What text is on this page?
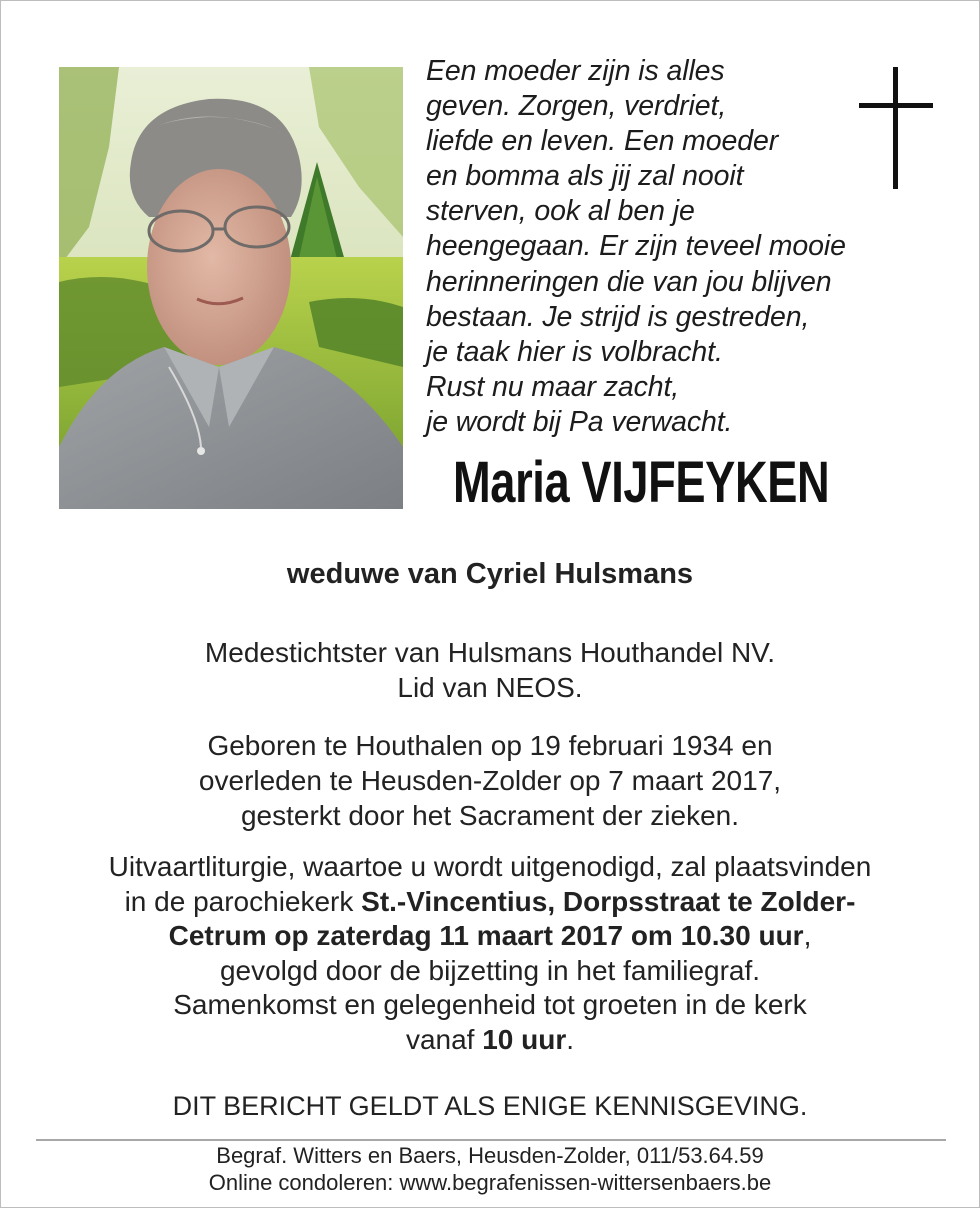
Een moeder zijn is alles
geven. Zorgen, verdriet,
liefde en leven. Een moeder
en bomma als jij zal nooit
sterven, ook al ben je
heengegaan. Er zijn teveel mooie
herinneringen die van jou blijven
bestaan. Je strijd is gestreden,
je taak hier is volbracht.
Rust nu maar zacht,
je wordt bij Pa verwacht.
Maria VIJFEYKEN
weduwe van Cyriel Hulsmans
Medestichtster van Hulsmans Houthandel NV.
Lid van NEOS.
Geboren te Houthalen op 19 februari 1934 en
overleden te Heusden-Zolder op 7 maart 2017,
gesterkt door het Sacrament der zieken.
Uitvaartliturgie, waartoe u wordt uitgenodigd, zal plaatsvinden
in de parochiekerk St.-Vincentius, Dorpsstraat te Zolder-
Cetrum op zaterdag 11 maart 2017 om 10.30 uur,
gevolgd door de bijzetting in het familiegraf.
Samenkomst en gelegenheid tot groeten in de kerk
vanaf 10 uur.
DIT BERICHT GELDT ALS ENIGE KENNISGEVING.
Begraf. Witters en Baers, Heusden-Zolder, 011/53.64.59
Online condoleren: www.begrafenissen-wittersenbaers.be
